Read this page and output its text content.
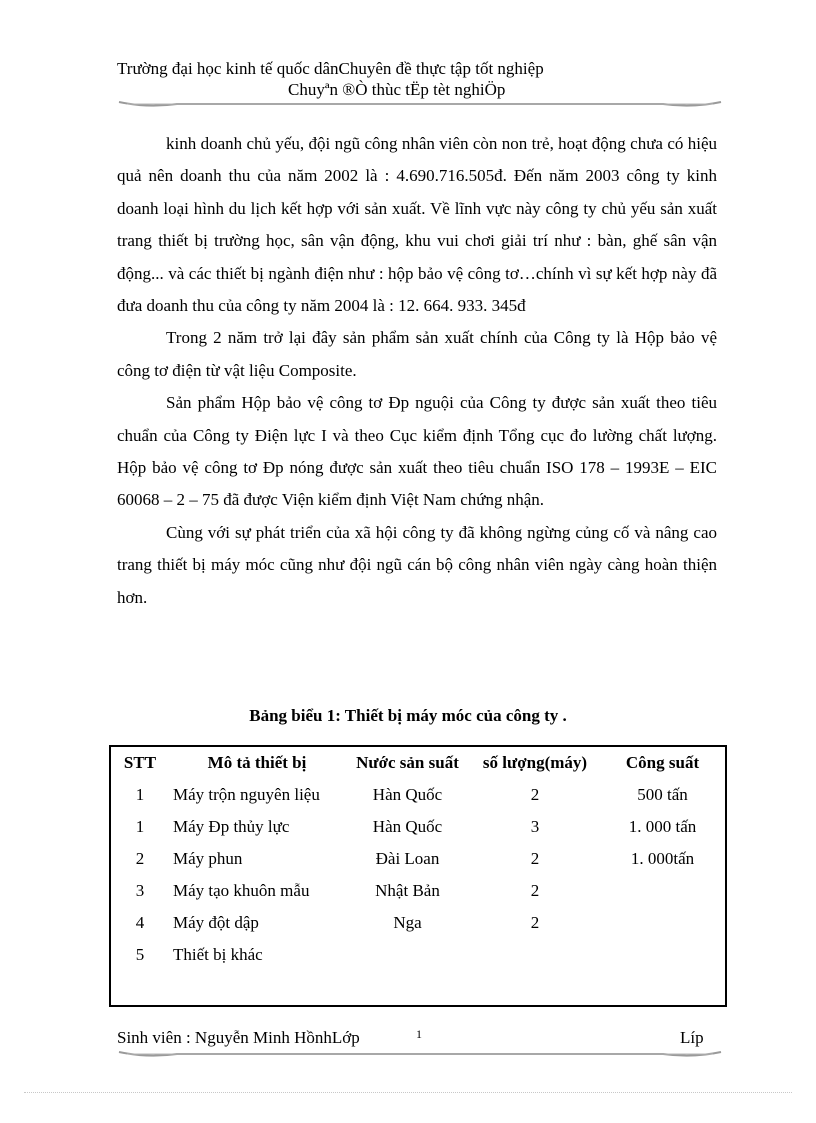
Trường đại học kinh tế quốc dânChuyên đề thực tập tốt nghiệp
Chuyªn ®Ò thùc tËp tèt nghiÖp

kinh doanh chủ yếu, đội ngũ công nhân viên còn non trẻ, hoạt động chưa có hiệu quả nên doanh thu của năm 2002 là : 4.690.716.505đ. Đến năm 2003 công ty kinh doanh loại hình du lịch kết hợp với sản xuất. Về lĩnh vực này công ty chủ yếu sản xuất trang thiết bị trường học, sân vận động, khu vui chơi giải trí như : bàn, ghế sân vận động... và các thiết bị ngành điện như : hộp bảo vệ công tơ…chính vì sự kết hợp này đã đưa doanh thu của công ty năm 2004 là : 12. 664. 933. 345đ

Trong 2 năm trở lại đây sản phẩm sản xuất chính của Công ty là Hộp bảo vệ công tơ điện từ vật liệu Composite.

Sản phẩm Hộp bảo vệ công tơ Ðp nguội của Công ty được sản xuất theo tiêu chuẩn của Công ty Điện lực I và theo Cục kiểm định Tổng cục đo lường chất lượng. Hộp bảo vệ công tơ Ðp nóng được sản xuất theo tiêu chuẩn ISO 178 – 1993E – EIC 60068 – 2 – 75 đã được Viện kiểm định Việt Nam chứng nhận.

Cùng với sự phát triển của xã hội công ty đã không ngừng củng cố và nâng cao trang thiết bị máy móc cũng như đội ngũ cán bộ công nhân viên ngày càng hoàn thiện hơn.

Bảng biểu 1: Thiết bị máy móc của công ty .
STT	Mô tả thiết bị	Nước sản suất	số lượng(máy)	Công suất
1	Máy trộn nguyên liệu	Hàn Quốc	2	500 tấn
1	Máy Ðp thủy lực	Hàn Quốc	3	1. 000 tấn
2	Máy phun	Đài Loan	2	1. 000tấn
3	Máy tạo khuôn mẫu	Nhật Bản	2	
4	Máy đột dập	Nga	2	
5	Thiết bị khác			
Sinh viên : Nguyễn Minh HồnhLớp	1	Líp
